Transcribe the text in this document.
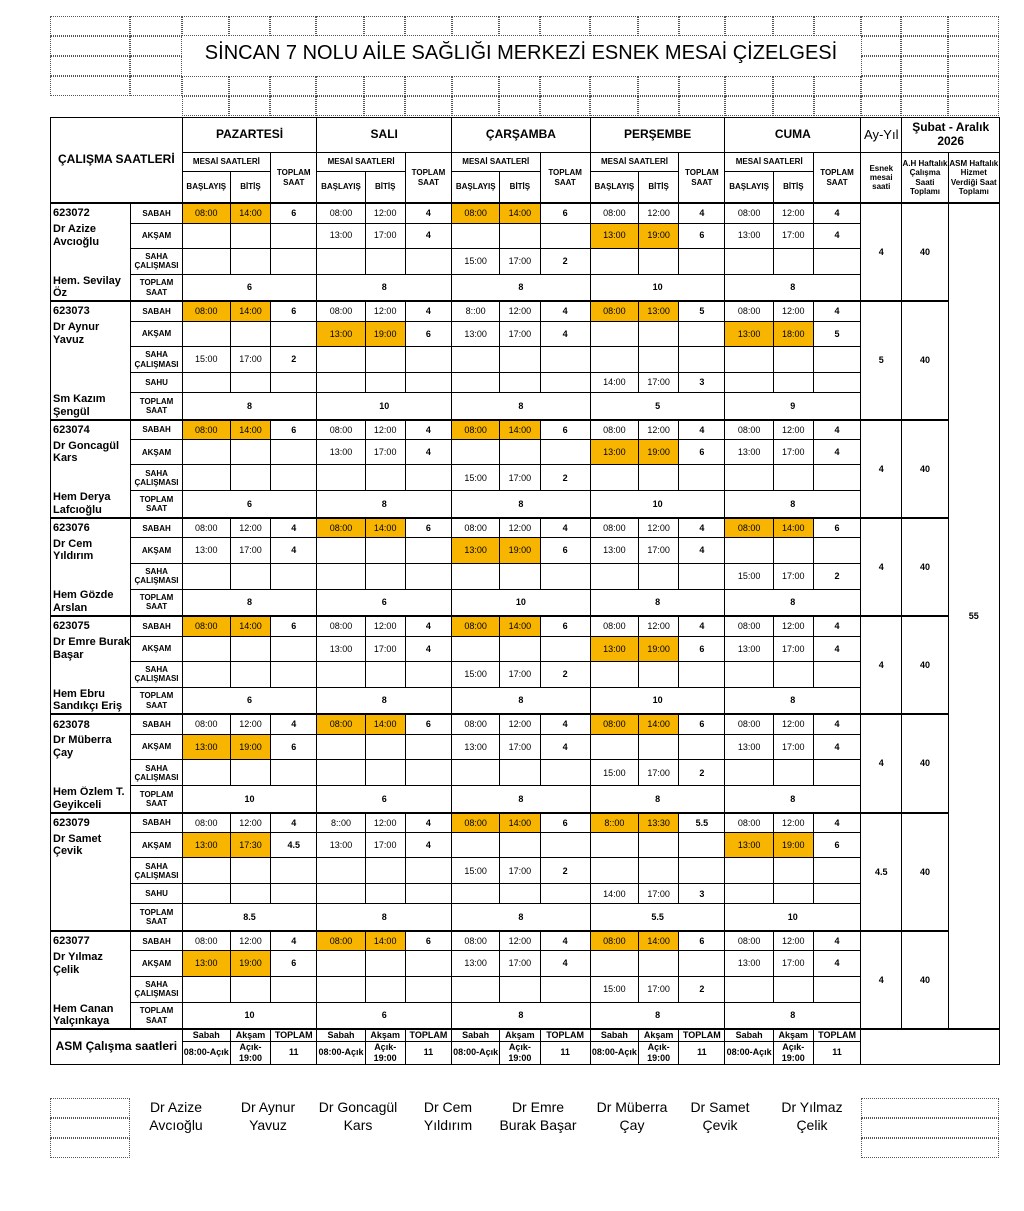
SİNCAN 7 NOLU AİLE SAĞLIĞI MERKEZİ ESNEK MESAİ ÇİZELGESİ
ÇALIŞMA SAATLERİ		PAZARTESİ			SALI			ÇARŞAMBA			PERŞEMBE			CUMA			Ay-Yıl	Şubat - Aralık 2026	
																	Esnek mesai saati	A.H Haftalık Çalışma Saati Toplamı	ASM Haftalık Hizmet Verdiği Saat Toplamı
		MESAİ SAATLERİ		TOPLAM SAAT	MESAİ SAATLERİ		TOPLAM SAAT	MESAİ SAATLERİ		TOPLAM SAAT	MESAİ SAATLERİ		TOPLAM SAAT	MESAİ SAATLERİ		TOPLAM SAAT			
		BAŞLAYIŞ	BİTİŞ		BAŞLAYIŞ	BİTİŞ		BAŞLAYIŞ	BİTİŞ		BAŞLAYIŞ	BİTİŞ		BAŞLAYIŞ	BİTİŞ				
623072	SABAH	08:00	14:00	6	08:00	12:00	4	08:00	14:00	6	08:00	12:00	4	08:00	12:00	4	4	40	55
Dr Azize Avcıoğlu	AKŞAM				13:00	17:00	4				13:00	19:00	6	13:00	17:00	4			
	SAHA ÇALIŞMASI							15:00	17:00	2									
Hem. Sevilay Öz	TOPLAM SAAT	6			8			8			10			8					
623073	SABAH	08:00	14:00	6	08:00	12:00	4	8::00	12:00	4	08:00	13:00	5	08:00	12:00	4	5	40	
Dr Aynur Yavuz	AKŞAM				13:00	19:00	6	13:00	17:00	4				13:00	18:00	5			
	SAHA ÇALIŞMASI	15:00	17:00	2															
	SAHU										14:00	17:00	3						
Sm Kazım Şengül	TOPLAM SAAT	8			10			8			5			9					
623074	SABAH	08:00	14:00	6	08:00	12:00	4	08:00	14:00	6	08:00	12:00	4	08:00	12:00	4	4	40	
Dr Goncagül Kars	AKŞAM				13:00	17:00	4				13:00	19:00	6	13:00	17:00	4			
	SAHA ÇALIŞMASI							15:00	17:00	2									
Hem Derya Lafcıoğlu	TOPLAM SAAT	6			8			8			10			8					
623076	SABAH	08:00	12:00	4	08:00	14:00	6	08:00	12:00	4	08:00	12:00	4	08:00	14:00	6	4	40	
Dr Cem Yıldırım	AKŞAM	13:00	17:00	4				13:00	19:00	6	13:00	17:00	4						
	SAHA ÇALIŞMASI													15:00	17:00	2			
Hem Gözde Arslan	TOPLAM SAAT	8			6			10			8			8					
623075	SABAH	08:00	14:00	6	08:00	12:00	4	08:00	14:00	6	08:00	12:00	4	08:00	12:00	4	4	40	
Dr Emre Burak Başar	AKŞAM				13:00	17:00	4				13:00	19:00	6	13:00	17:00	4			
	SAHA ÇALIŞMASI							15:00	17:00	2									
Hem Ebru Sandıkçı Eriş	TOPLAM SAAT	6			8			8			10			8					
623078	SABAH	08:00	12:00	4	08:00	14:00	6	08:00	12:00	4	08:00	14:00	6	08:00	12:00	4	4	40	
Dr Müberra Çay	AKŞAM	13:00	19:00	6				13:00	17:00	4				13:00	17:00	4			
	SAHA ÇALIŞMASI										15:00	17:00	2						
Hem Özlem T. Geyikceli	TOPLAM SAAT	10			6			8			8			8					
623079	SABAH	08:00	12:00	4	8::00	12:00	4	08:00	14:00	6	8::00	13:30	5.5	08:00	12:00	4	4.5	40	
Dr Samet Çevik	AKŞAM	13:00	17:30	4.5	13:00	17:00	4							13:00	19:00	6			
	SAHA ÇALIŞMASI							15:00	17:00	2									
	SAHU										14:00	17:00	3						
	TOPLAM SAAT	8.5			8			8			5.5			10					
623077	SABAH	08:00	12:00	4	08:00	14:00	6	08:00	12:00	4	08:00	14:00	6	08:00	12:00	4	4	40	
Dr Yılmaz Çelik	AKŞAM	13:00	19:00	6				13:00	17:00	4				13:00	17:00	4			
	SAHA ÇALIŞMASI										15:00	17:00	2						
Hem Canan Yalçınkaya	TOPLAM SAAT	10			6			8			8			8					
ASM Çalışma saatleri		Sabah	Akşam	TOPLAM	Sabah	Akşam	TOPLAM	Sabah	Akşam	TOPLAM	Sabah	Akşam	TOPLAM	Sabah	Akşam	TOPLAM			
		08:00-Açık	Açık-19:00	11	08:00-Açık	Açık-19:00	11	08:00-Açık	Açık-19:00	11	08:00-Açık	Açık-19:00	11	08:00-Açık	Açık-19:00	11			
Dr Azize Avcıoğlu
Dr Aynur Yavuz
Dr Goncagül Kars
Dr Cem Yıldırım
Dr Emre Burak Başar
Dr Müberra Çay
Dr Samet Çevik
Dr Yılmaz Çelik
